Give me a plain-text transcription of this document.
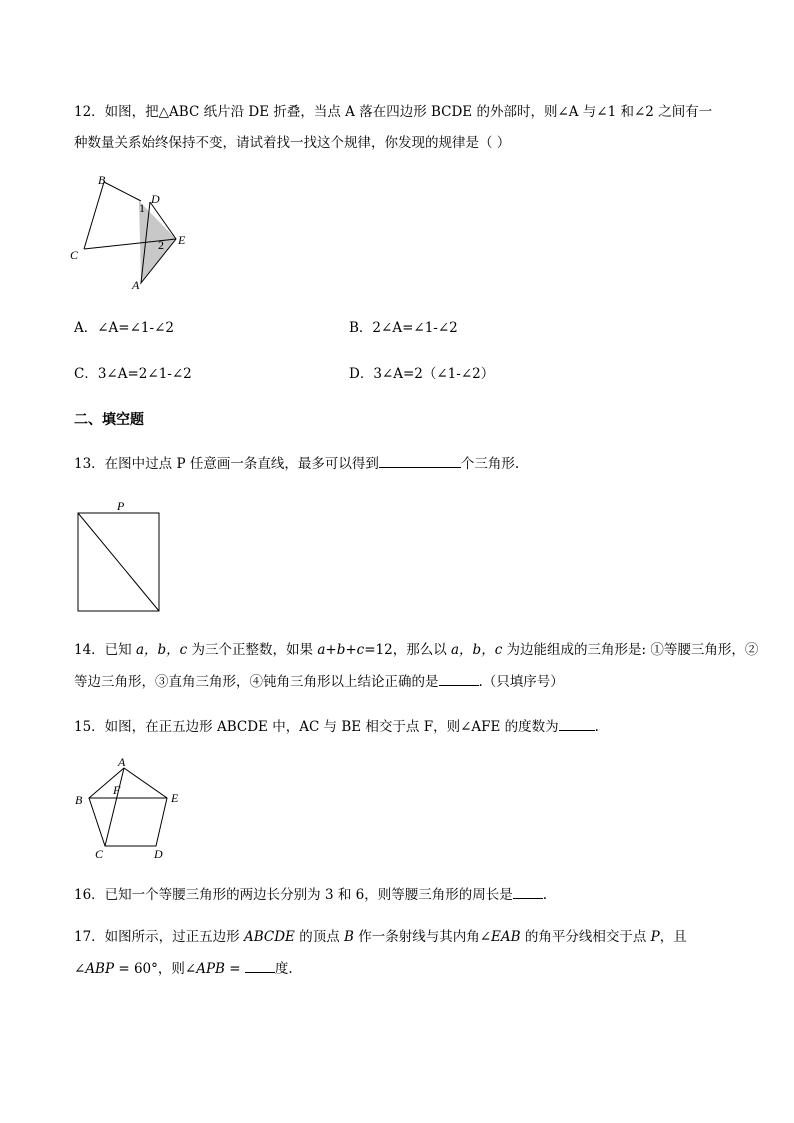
12．如图，把△ABC 纸片沿 DE 折叠，当点 A 落在四边形 BCDE 的外部时，则∠A 与∠1 和∠2 之间有一
种数量关系始终保持不变，请试着找一找这个规律，你发现的规律是（ ）
B
C
D
E
A
1
2
A．∠A=∠1-∠2	B．2∠A=∠1-∠2
C．3∠A=2∠1-∠2	D．3∠A=2（∠1-∠2）
二、填空题
13．在图中过点 P 任意画一条直线，最多可以得到	个三角形.
P
14．已知 a，b，c 为三个正整数，如果 a+b+c=12，那么以 a，b，c 为边能组成的三角形是: ①等腰三角形，②
等边三角形，③直角三角形，④钝角三角形以上结论正确的是	.（只填序号）
15．如图，在正五边形 ABCDE 中，AC 与 BE 相交于点 F，则∠AFE 的度数为	.
A
B	E
F
C	D
16．已知一个等腰三角形的两边长分别为 3 和 6，则等腰三角形的周长是 .
17．如图所示，过正五边形 ABCDE 的顶点 B 作一条射线与其内角∠EAB 的角平分线相交于点 P，且
∠ABP = 60°，则∠APB = 度.
